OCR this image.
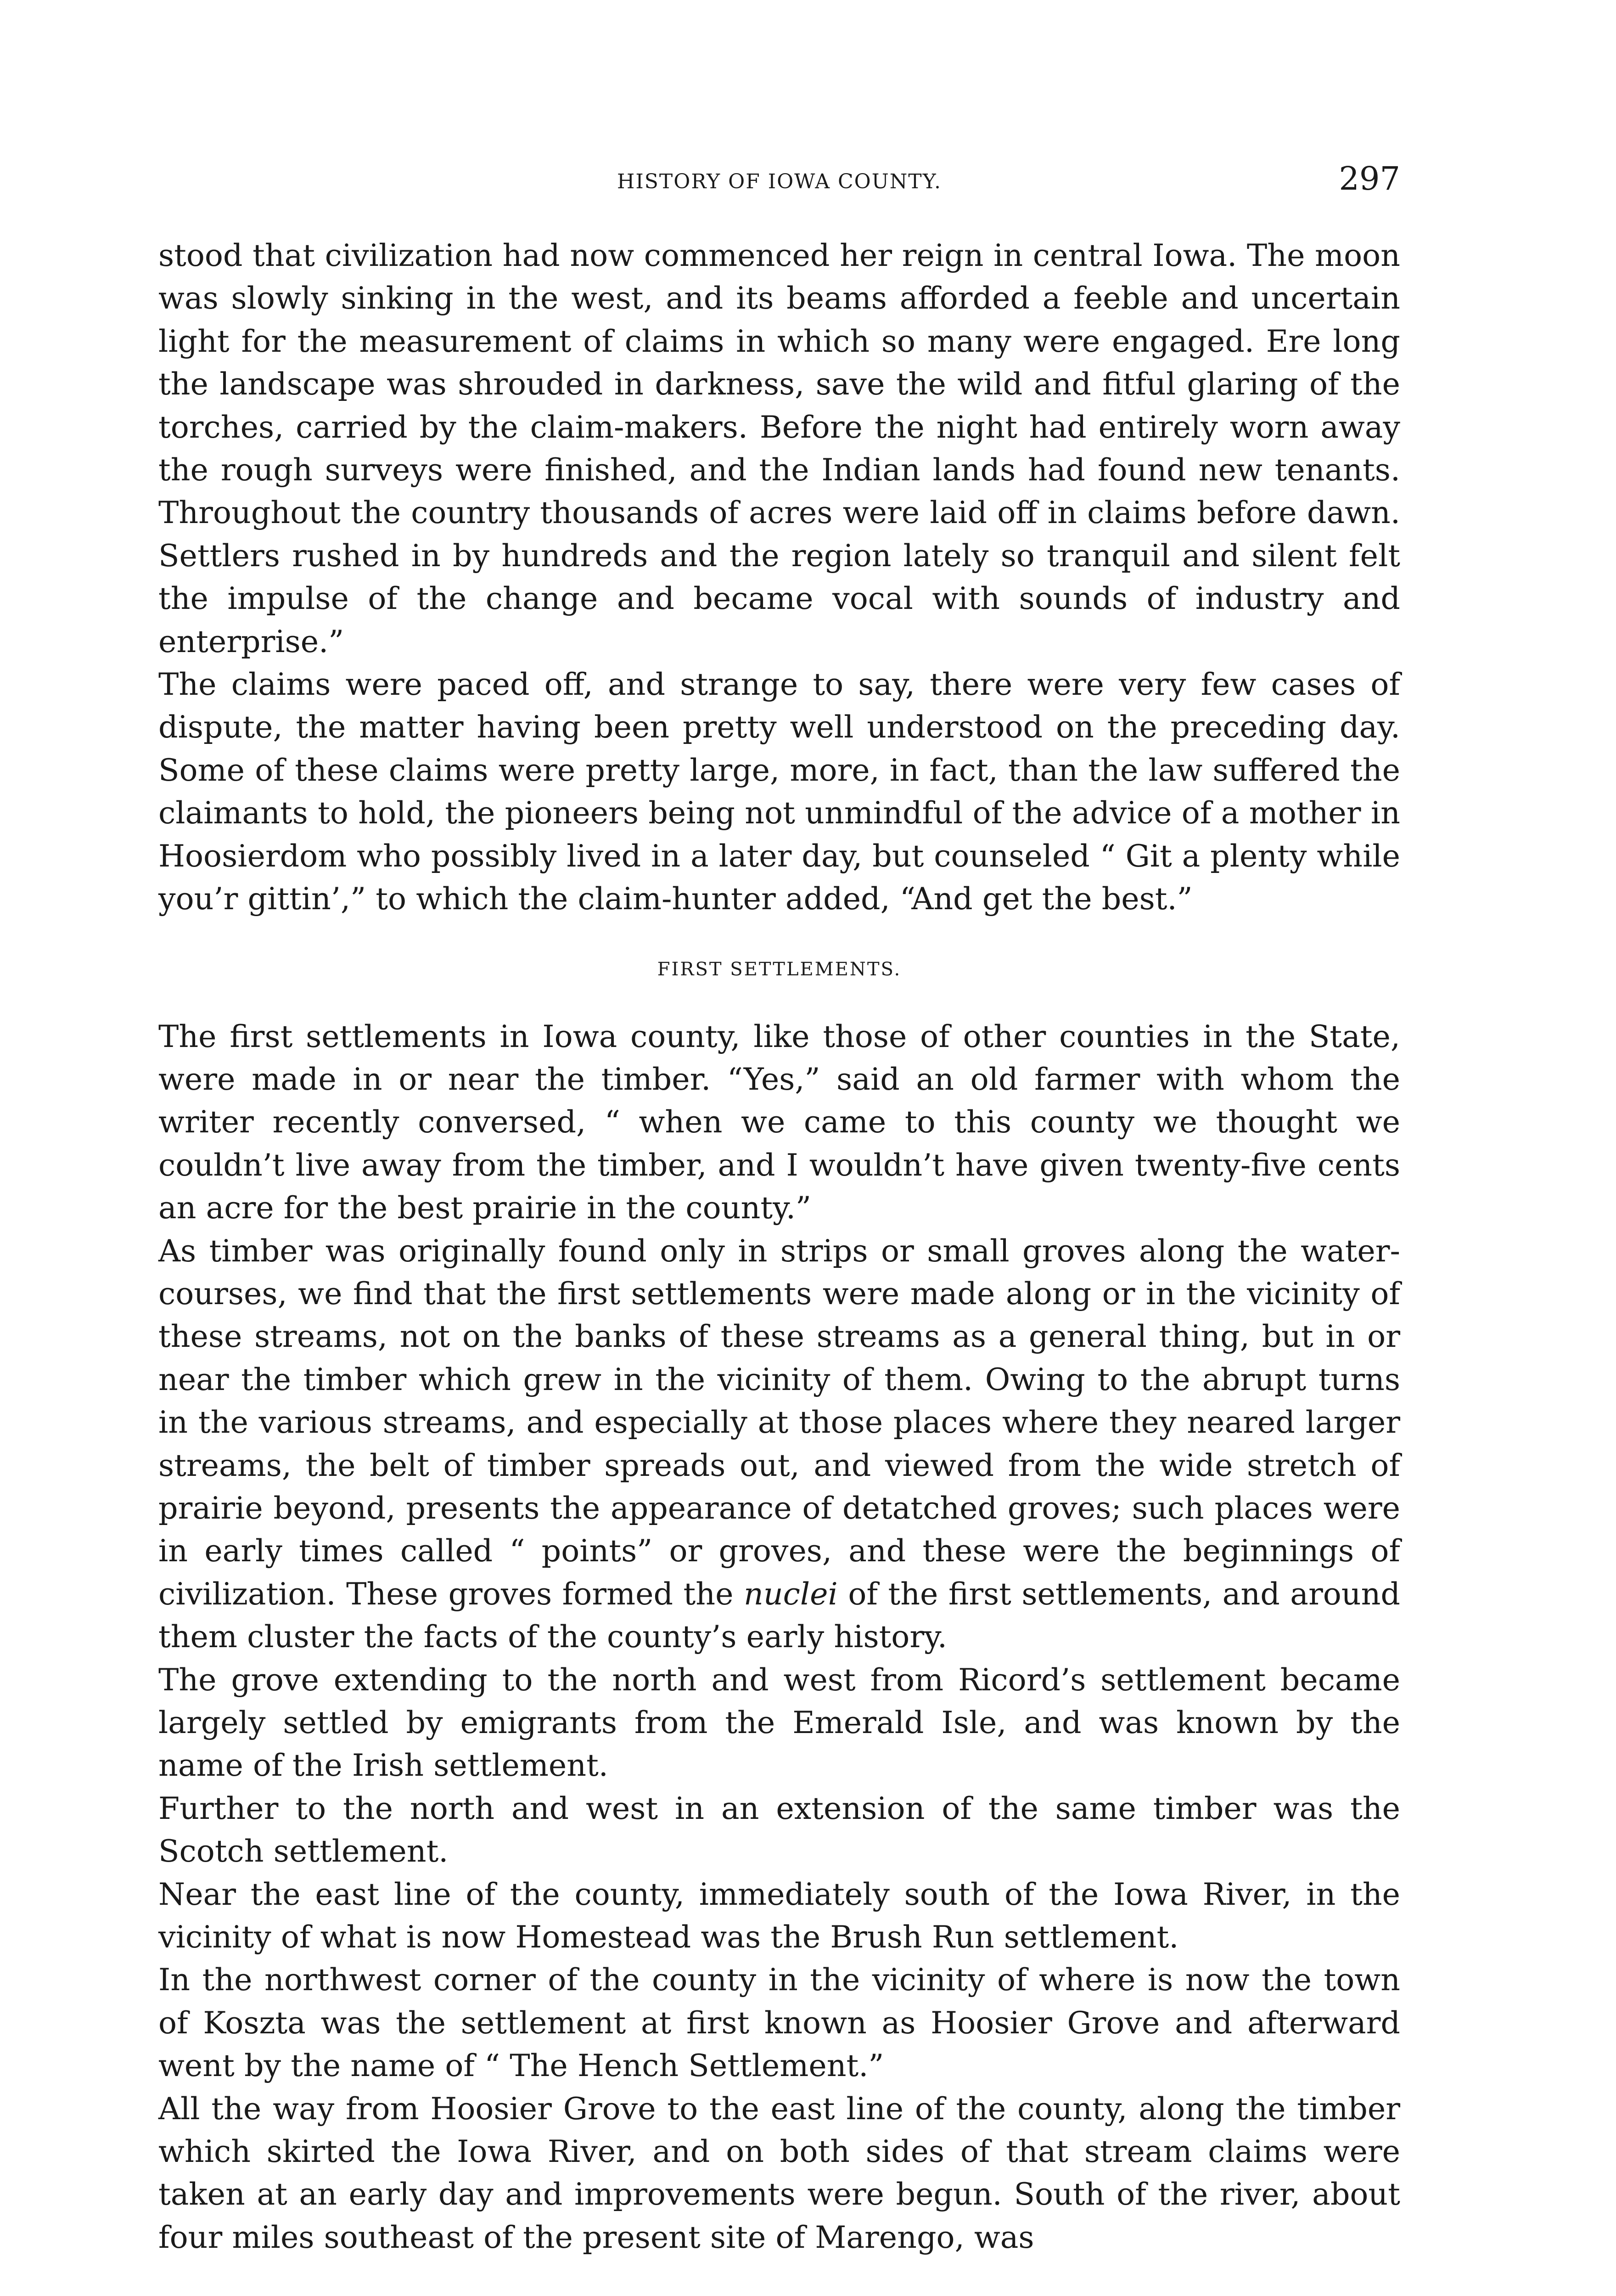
HISTORY OF IOWA COUNTY.	297

stood that civilization had now commenced her reign in central Iowa. The moon was slowly sinking in the west, and its beams afforded a feeble and uncertain light for the measurement of claims in which so many were engaged. Ere long the landscape was shrouded in darkness, save the wild and fitful glaring of the torches, carried by the claim-makers. Before the night had entirely worn away the rough surveys were finished, and the Indian lands had found new tenants. Throughout the country thousands of acres were laid off in claims before dawn. Settlers rushed in by hundreds and the region lately so tranquil and silent felt the impulse of the change and became vocal with sounds of industry and enterprise.”

The claims were paced off, and strange to say, there were very few cases of dispute, the matter having been pretty well understood on the preceding day. Some of these claims were pretty large, more, in fact, than the law suffered the claimants to hold, the pioneers being not unmindful of the advice of a mother in Hoosierdom who possibly lived in a later day, but counseled “ Git a plenty while you’r gittin’,” to which the claim-hunter added, “And get the best.”

FIRST SETTLEMENTS.

The first settlements in Iowa county, like those of other counties in the State, were made in or near the timber. “Yes,” said an old farmer with whom the writer recently conversed, “ when we came to this county we thought we couldn’t live away from the timber, and I wouldn’t have given twenty-five cents an acre for the best prairie in the county.”

As timber was originally found only in strips or small groves along the water-courses, we find that the first settlements were made along or in the vicinity of these streams, not on the banks of these streams as a general thing, but in or near the timber which grew in the vicinity of them. Owing to the abrupt turns in the various streams, and especially at those places where they neared larger streams, the belt of timber spreads out, and viewed from the wide stretch of prairie beyond, presents the appearance of detatched groves; such places were in early times called “ points” or groves, and these were the beginnings of civilization. These groves formed the nuclei of the first settlements, and around them cluster the facts of the county’s early history.

The grove extending to the north and west from Ricord’s settlement became largely settled by emigrants from the Emerald Isle, and was known by the name of the Irish settlement.

Further to the north and west in an extension of the same timber was the Scotch settlement.

Near the east line of the county, immediately south of the Iowa River, in the vicinity of what is now Homestead was the Brush Run settlement.

In the northwest corner of the county in the vicinity of where is now the town of Koszta was the settlement at first known as Hoosier Grove and afterward went by the name of “ The Hench Settlement.”

All the way from Hoosier Grove to the east line of the county, along the timber which skirted the Iowa River, and on both sides of that stream claims were taken at an early day and improvements were begun. South of the river, about four miles southeast of the present site of Marengo, was
